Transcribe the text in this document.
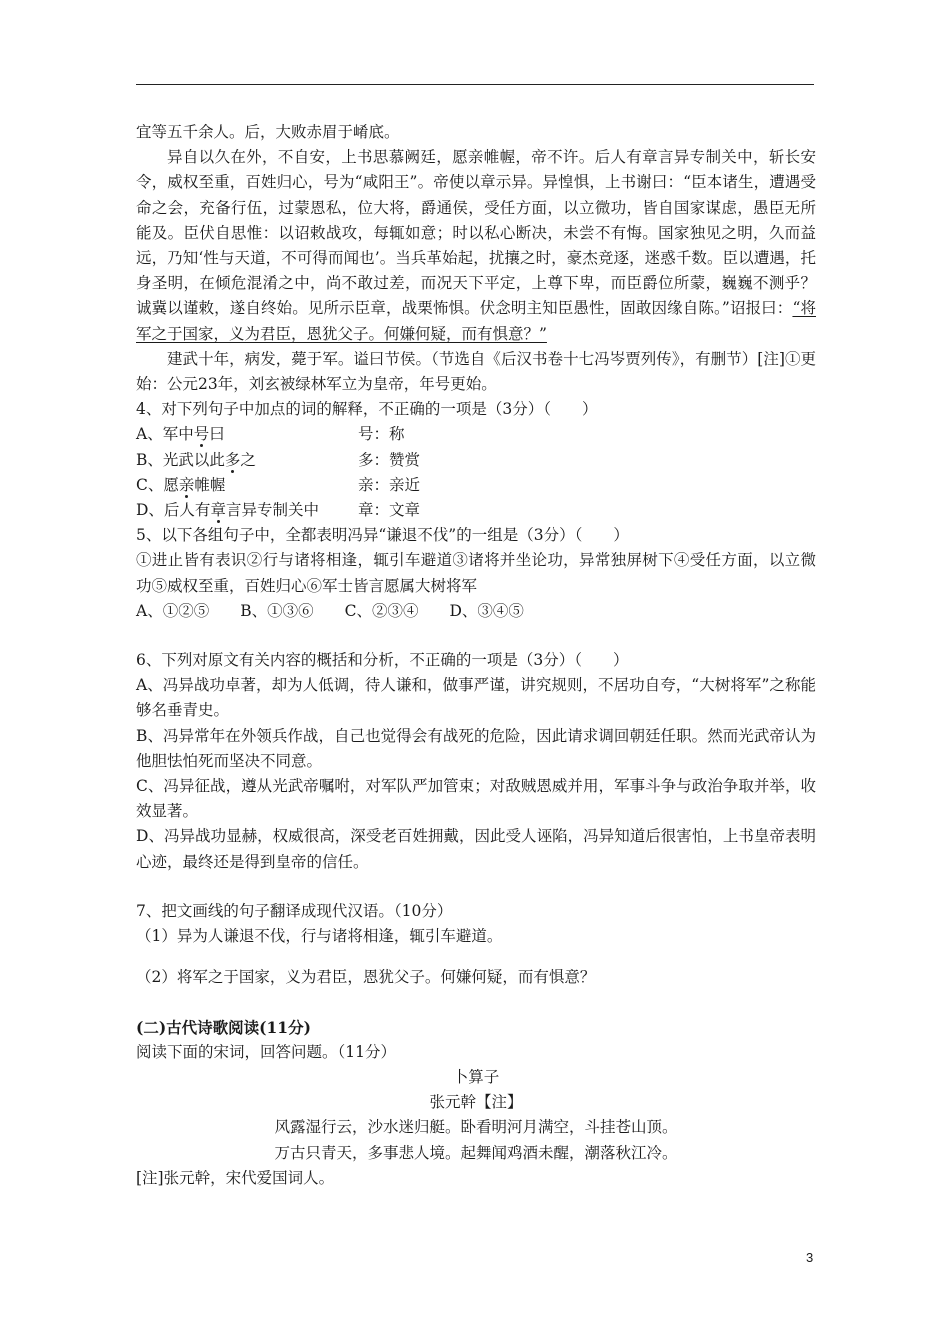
宜等五千余人。后，大败赤眉于崤底。

异自以久在外，不自安，上书思慕阙廷，愿亲帷幄，帝不许。后人有章言异专制关中，斩长安令，威权至重，百姓归心，号为“咸阳王”。帝使以章示异。异惶惧，上书谢曰：“臣本诸生，遭遇受命之会，充备行伍，过蒙恩私，位大将，爵通侯，受任方面，以立微功，皆自国家谋虑，愚臣无所能及。臣伏自思惟：以诏敕战攻，每辄如意；时以私心断决，未尝不有悔。国家独见之明，久而益远，乃知‘性与天道，不可得而闻也’。当兵革始起，扰攘之时，豪杰竞逐，迷惑千数。臣以遭遇，托身圣明，在倾危混淆之中，尚不敢过差，而况天下平定，上尊下卑，而臣爵位所蒙，巍巍不测乎？诚冀以谨敕，遂自终始。见所示臣章，战栗怖惧。伏念明主知臣愚性，固敢因缘自陈。”诏报曰：“将军之于国家，义为君臣，恩犹父子。何嫌何疑，而有惧意？”

建武十年，病发，薨于军。谥曰节侯。（节选自《后汉书卷十七冯岑贾列传》，有删节）[注]①更始：公元23年，刘玄被绿林军立为皇帝，年号更始。

4、对下列句子中加点的词的解释，不正确的一项是（3分）（　　）

A、军中号曰	号：称
B、光武以此多之	多：赞赏
C、愿亲帷幄	亲：亲近
D、后人有章言异专制关中	章：文章

5、以下各组句子中，全都表明冯异“谦退不伐”的一组是（3分）（　　）

①进止皆有表识②行与诸将相逢，辄引车避道③诸将并坐论功，异常独屏树下④受任方面，以立微功⑤威权至重，百姓归心⑥军士皆言愿属大树将军

A、①②⑤　　B、①③⑥　　C、②③④　　D、③④⑤

6、下列对原文有关内容的概括和分析，不正确的一项是（3分）（　　）

A、冯异战功卓著，却为人低调，待人谦和，做事严谨，讲究规则，不居功自夸，“大树将军”之称能够名垂青史。

B、冯异常年在外领兵作战，自己也觉得会有战死的危险，因此请求调回朝廷任职。然而光武帝认为他胆怯怕死而坚决不同意。

C、冯异征战，遵从光武帝嘱咐，对军队严加管束；对敌贼恩威并用，军事斗争与政治争取并举，收效显著。

D、冯异战功显赫，权威很高，深受老百姓拥戴，因此受人诬陷，冯异知道后很害怕，上书皇帝表明心迹，最终还是得到皇帝的信任。

7、把文画线的句子翻译成现代汉语。（10分）

（1）异为人谦退不伐，行与诸将相逢，辄引车避道。

（2）将军之于国家，义为君臣，恩犹父子。何嫌何疑，而有惧意？

(二)古代诗歌阅读(11分)

阅读下面的宋词，回答问题。（11分）

卜算子

张元幹【注】

风露湿行云，沙水迷归艇。卧看明河月满空，斗挂苍山顶。

万古只青天，多事悲人境。起舞闻鸡酒未醒，潮落秋江冷。

[注]张元幹，宋代爱国词人。

3
